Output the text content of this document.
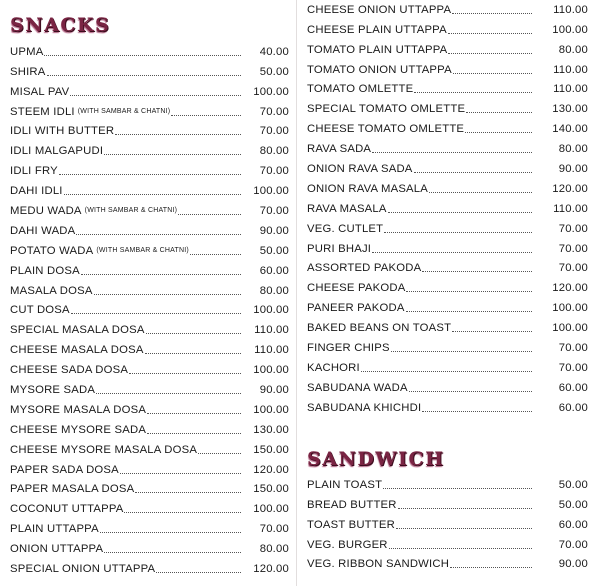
SNACKS
UPMA	40.00
SHIRA	50.00
MISAL PAV	100.00
STEEM IDLI (WITH SAMBAR & CHATNI)	70.00
IDLI WITH BUTTER	70.00
IDLI MALGAPUDI	80.00
IDLI FRY	70.00
DAHI IDLI	100.00
MEDU WADA (WITH SAMBAR & CHATNI)	70.00
DAHI WADA	90.00
POTATO WADA (WITH SAMBAR & CHATNI)	50.00
PLAIN DOSA	60.00
MASALA DOSA	80.00
CUT DOSA	100.00
SPECIAL MASALA DOSA	110.00
CHEESE MASALA DOSA	110.00
CHEESE SADA DOSA	100.00
MYSORE SADA	90.00
MYSORE MASALA DOSA	100.00
CHEESE MYSORE SADA	130.00
CHEESE MYSORE MASALA DOSA	150.00
PAPER SADA DOSA	120.00
PAPER MASALA DOSA	150.00
COCONUT UTTAPPA	100.00
PLAIN UTTAPPA	70.00
ONION UTTAPPA	80.00
SPECIAL ONION UTTAPPA	120.00
CHEESE ONION UTTAPPA	110.00
CHEESE PLAIN UTTAPPA	100.00
TOMATO PLAIN UTTAPPA	80.00
TOMATO ONION UTTAPPA	110.00
TOMATO OMLETTE	110.00
SPECIAL TOMATO OMLETTE	130.00
CHEESE TOMATO OMLETTE	140.00
RAVA SADA	80.00
ONION RAVA SADA	90.00
ONION RAVA MASALA	120.00
RAVA MASALA	110.00
VEG. CUTLET	70.00
PURI BHAJI	70.00
ASSORTED PAKODA	70.00
CHEESE PAKODA	120.00
PANEER PAKODA	100.00
BAKED BEANS ON TOAST	100.00
FINGER CHIPS	70.00
KACHORI	70.00
SABUDANA WADA	60.00
SABUDANA KHICHDI	60.00
SANDWICH
PLAIN TOAST	50.00
BREAD BUTTER	50.00
TOAST BUTTER	60.00
VEG. BURGER	70.00
VEG. RIBBON SANDWICH	90.00
